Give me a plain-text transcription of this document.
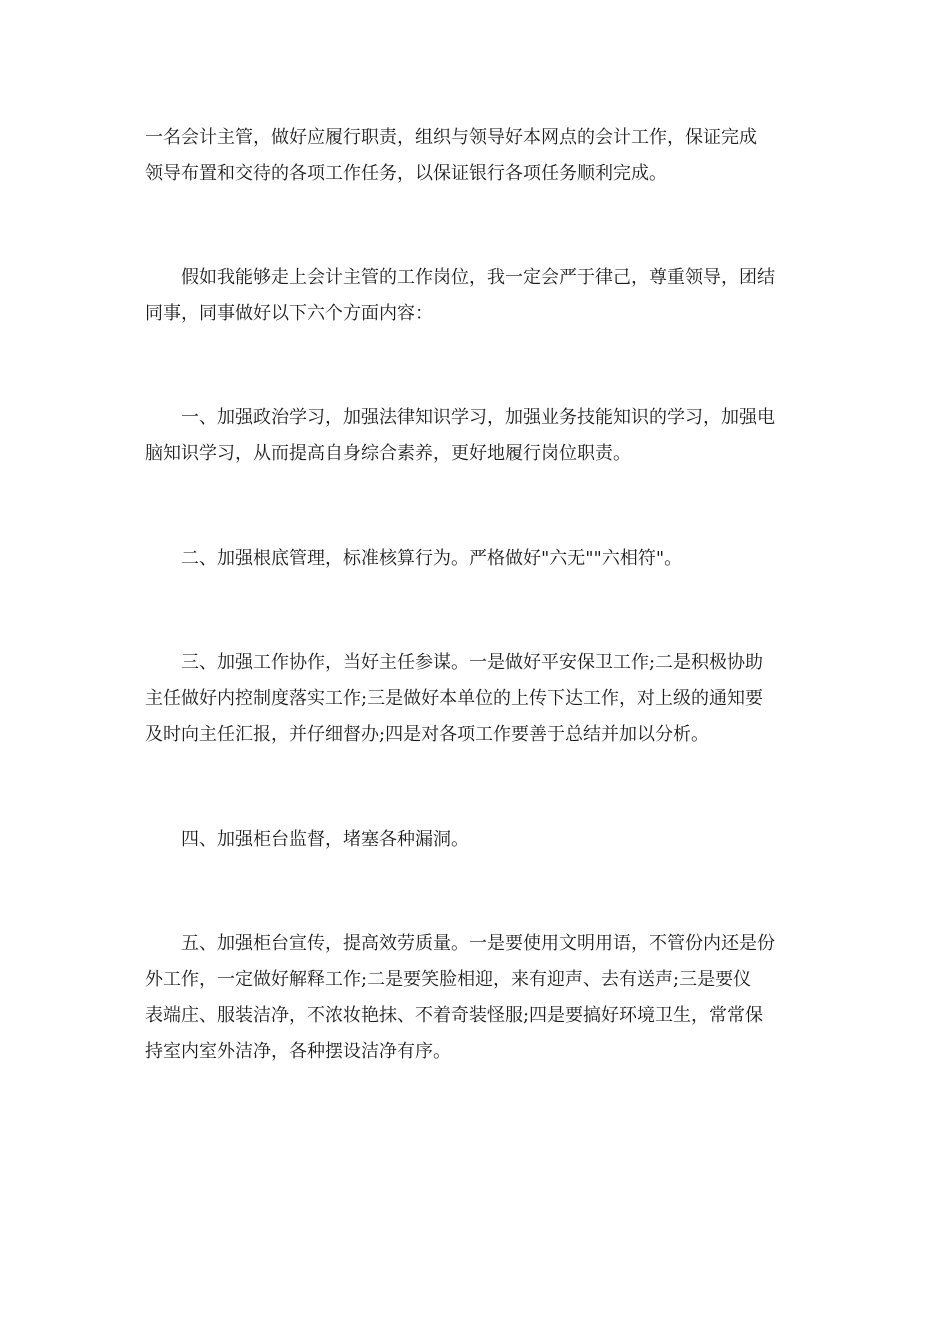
一名会计主管，做好应履行职责，组织与领导好本网点的会计工作，保证完成
领导布置和交待的各项工作任务，以保证银行各项任务顺利完成。

　　假如我能够走上会计主管的工作岗位，我一定会严于律己，尊重领导，团结
同事，同事做好以下六个方面内容：

　　一、加强政治学习，加强法律知识学习，加强业务技能知识的学习，加强电
脑知识学习，从而提高自身综合素养，更好地履行岗位职责。

　　二、加强根底管理，标准核算行为。严格做好"六无""六相符"。

　　三、加强工作协作，当好主任参谋。一是做好平安保卫工作;二是积极协助
主任做好内控制度落实工作;三是做好本单位的上传下达工作，对上级的通知要
及时向主任汇报，并仔细督办;四是对各项工作要善于总结并加以分析。

　　四、加强柜台监督，堵塞各种漏洞。

　　五、加强柜台宣传，提高效劳质量。一是要使用文明用语，不管份内还是份
外工作，一定做好解释工作;二是要笑脸相迎，来有迎声、去有送声;三是要仪
表端庄、服装洁净，不浓妆艳抹、不着奇装怪服;四是要搞好环境卫生，常常保
持室内室外洁净，各种摆设洁净有序。
